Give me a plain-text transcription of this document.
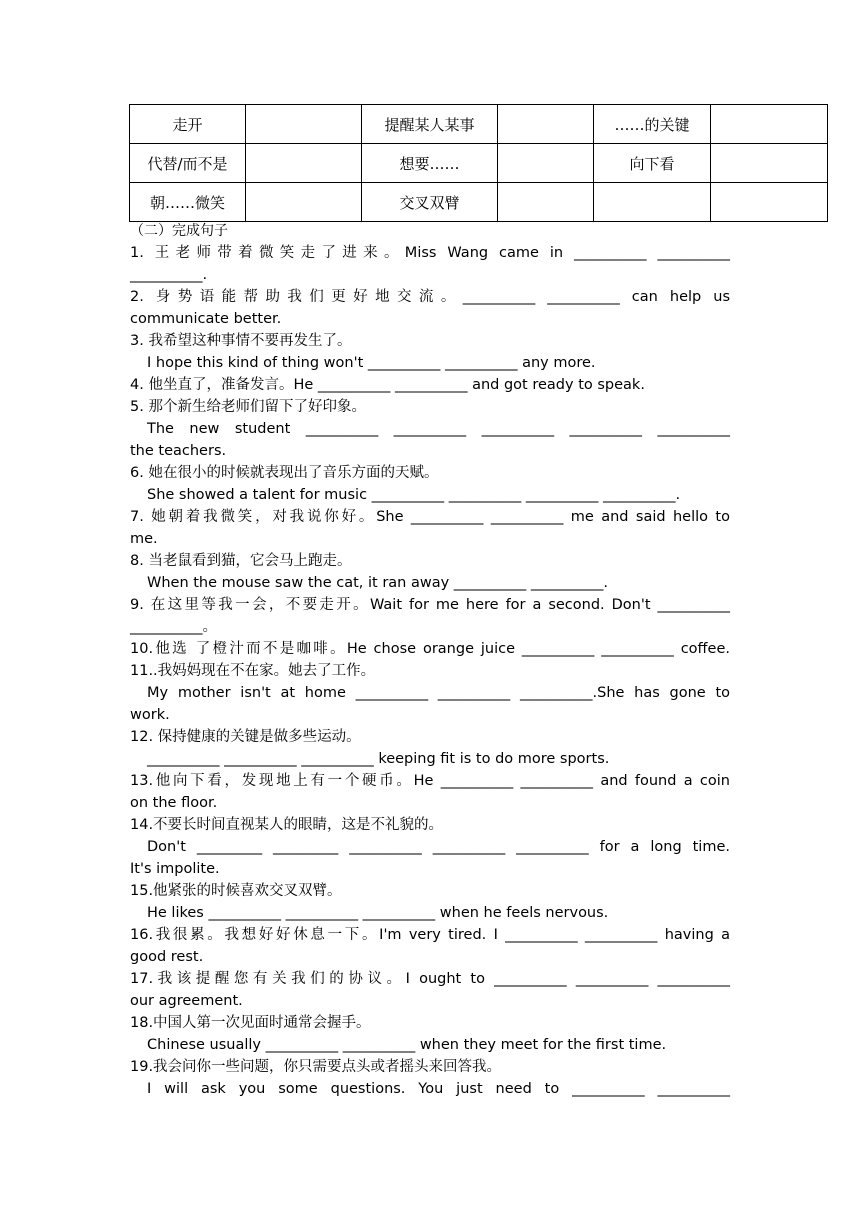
走开		提醒某人某事		……的关键	
代替/而不是		想要……		向下看	
朝……微笑		交叉双臂			
（二）完成句子
1. 王老师带着微笑走了进来。Miss Wang came in __________ __________
__________.
2. 身势语能帮助我们更好地交流。__________ __________ can help us
communicate better.
3. 我希望这种事情不要再发生了。
I hope this kind of thing won't __________ __________ any more.
4. 他坐直了，准备发言。He __________ __________ and got ready to speak.
5. 那个新生给老师们留下了好印象。
The new student __________ __________ __________ __________ __________
the teachers.
6. 她在很小的时候就表现出了音乐方面的天赋。
She showed a talent for music __________ __________ __________ __________.
7. 她朝着我微笑，对我说你好。She __________ __________ me and said hello to
me.
8. 当老鼠看到猫，它会马上跑走。
When the mouse saw the cat, it ran away __________ __________.
9. 在这里等我一会，不要走开。Wait for me here for a second. Don't __________
__________。
10.他选 了橙汁而不是咖啡。He chose orange juice __________ __________ coffee.
11..我妈妈现在不在家。她去了工作。
My mother isn't at home __________ __________ __________.She has gone to
work.
12. 保持健康的关键是做多些运动。
__________ __________ __________ keeping fit is to do more sports.
13.他向下看，发现地上有一个硬币。He __________ __________ and found a coin
on the floor.
14.不要长时间直视某人的眼睛，这是不礼貌的。
Don't _________ _________ __________ __________ __________ for a long time.
It's impolite.
15.他紧张的时候喜欢交叉双臂。
He likes __________ __________ __________ when he feels nervous.
16.我很累。我想好好休息一下。I'm very tired. I __________ __________ having a
good rest.
17.我该提醒您有关我们的协议。I ought to __________ __________ __________
our agreement.
18.中国人第一次见面时通常会握手。
Chinese usually __________ __________ when they meet for the first time.
19.我会问你一些问题，你只需要点头或者摇头来回答我。
I will ask you some questions. You just need to __________ __________
